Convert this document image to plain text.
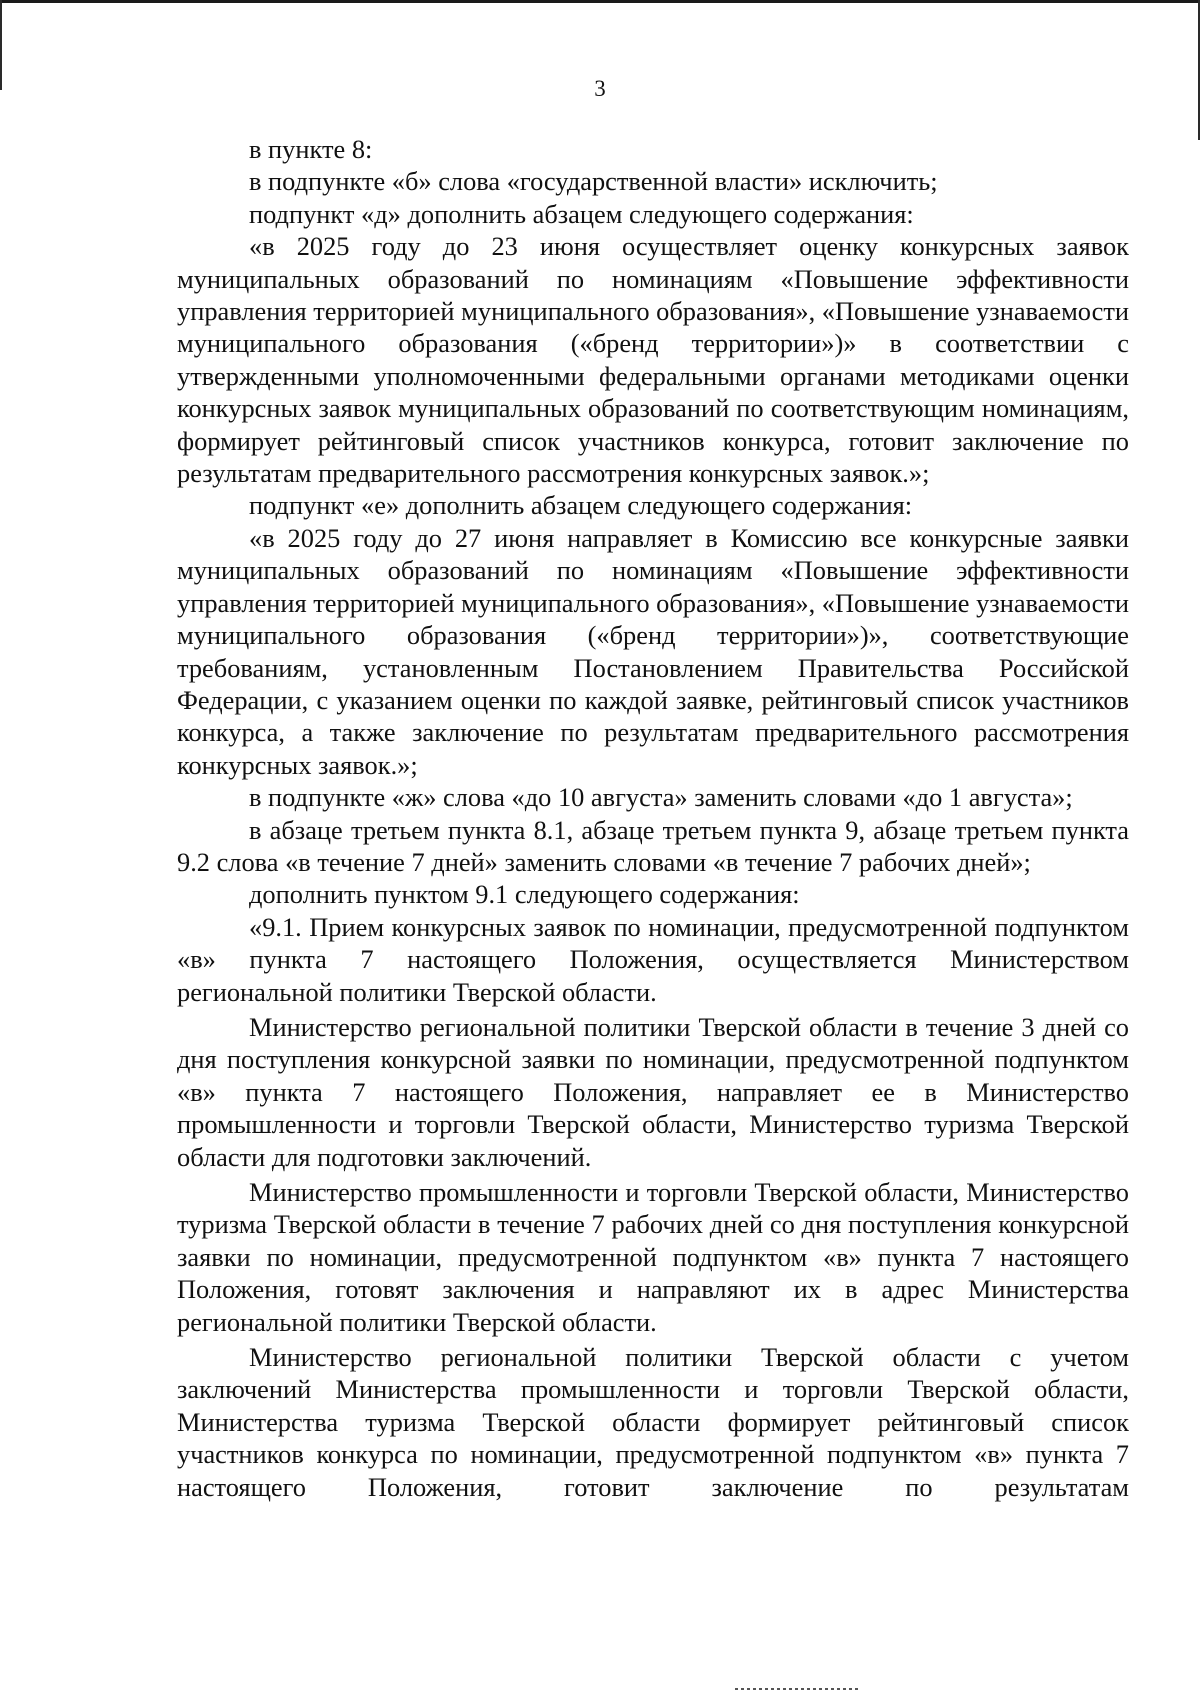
3

в пункте 8:

в подпункте «б» слова «государственной власти» исключить;

подпункт «д» дополнить абзацем следующего содержания:

«в 2025 году до 23 июня осуществляет оценку конкурсных заявок муниципальных образований по номинациям «Повышение эффективности управления территорией муниципального образования», «Повышение узнаваемости муниципального образования («бренд территории»)» в соответствии с утвержденными уполномоченными федеральными органами методиками оценки конкурсных заявок муниципальных образований по соответствующим номинациям, формирует рейтинговый список участников конкурса, готовит заключение по результатам предварительного рассмотрения конкурсных заявок.»;

подпункт «е» дополнить абзацем следующего содержания:

«в 2025 году до 27 июня направляет в Комиссию все конкурсные заявки муниципальных образований по номинациям «Повышение эффективности управления территорией муниципального образования», «Повышение узнаваемости муниципального образования («бренд территории»)», соответствующие требованиям, установленным Постановлением Правительства Российской Федерации, с указанием оценки по каждой заявке, рейтинговый список участников конкурса, а также заключение по результатам предварительного рассмотрения конкурсных заявок.»;

в подпункте «ж» слова «до 10 августа» заменить словами «до 1 августа»;

в абзаце третьем пункта 8.1, абзаце третьем пункта 9, абзаце третьем пункта 9.2 слова «в течение 7 дней» заменить словами «в течение 7 рабочих дней»;

дополнить пунктом 9.1 следующего содержания:

«9.1. Прием конкурсных заявок по номинации, предусмотренной подпунктом «в» пункта 7 настоящего Положения, осуществляется Министерством региональной политики Тверской области.

Министерство региональной политики Тверской области в течение 3 дней со дня поступления конкурсной заявки по номинации, предусмотренной подпунктом «в» пункта 7 настоящего Положения, направляет ее в Министерство промышленности и торговли Тверской области, Министерство туризма Тверской области для подготовки заключений.

Министерство промышленности и торговли Тверской области, Министерство туризма Тверской области в течение 7 рабочих дней со дня поступления конкурсной заявки по номинации, предусмотренной подпунктом «в» пункта 7 настоящего Положения, готовят заключения и направляют их в адрес Министерства региональной политики Тверской области.

Министерство региональной политики Тверской области с учетом заключений Министерства промышленности и торговли Тверской области, Министерства туризма Тверской области формирует рейтинговый список участников конкурса по номинации, предусмотренной подпунктом «в» пункта 7 настоящего Положения, готовит заключение по результатам
